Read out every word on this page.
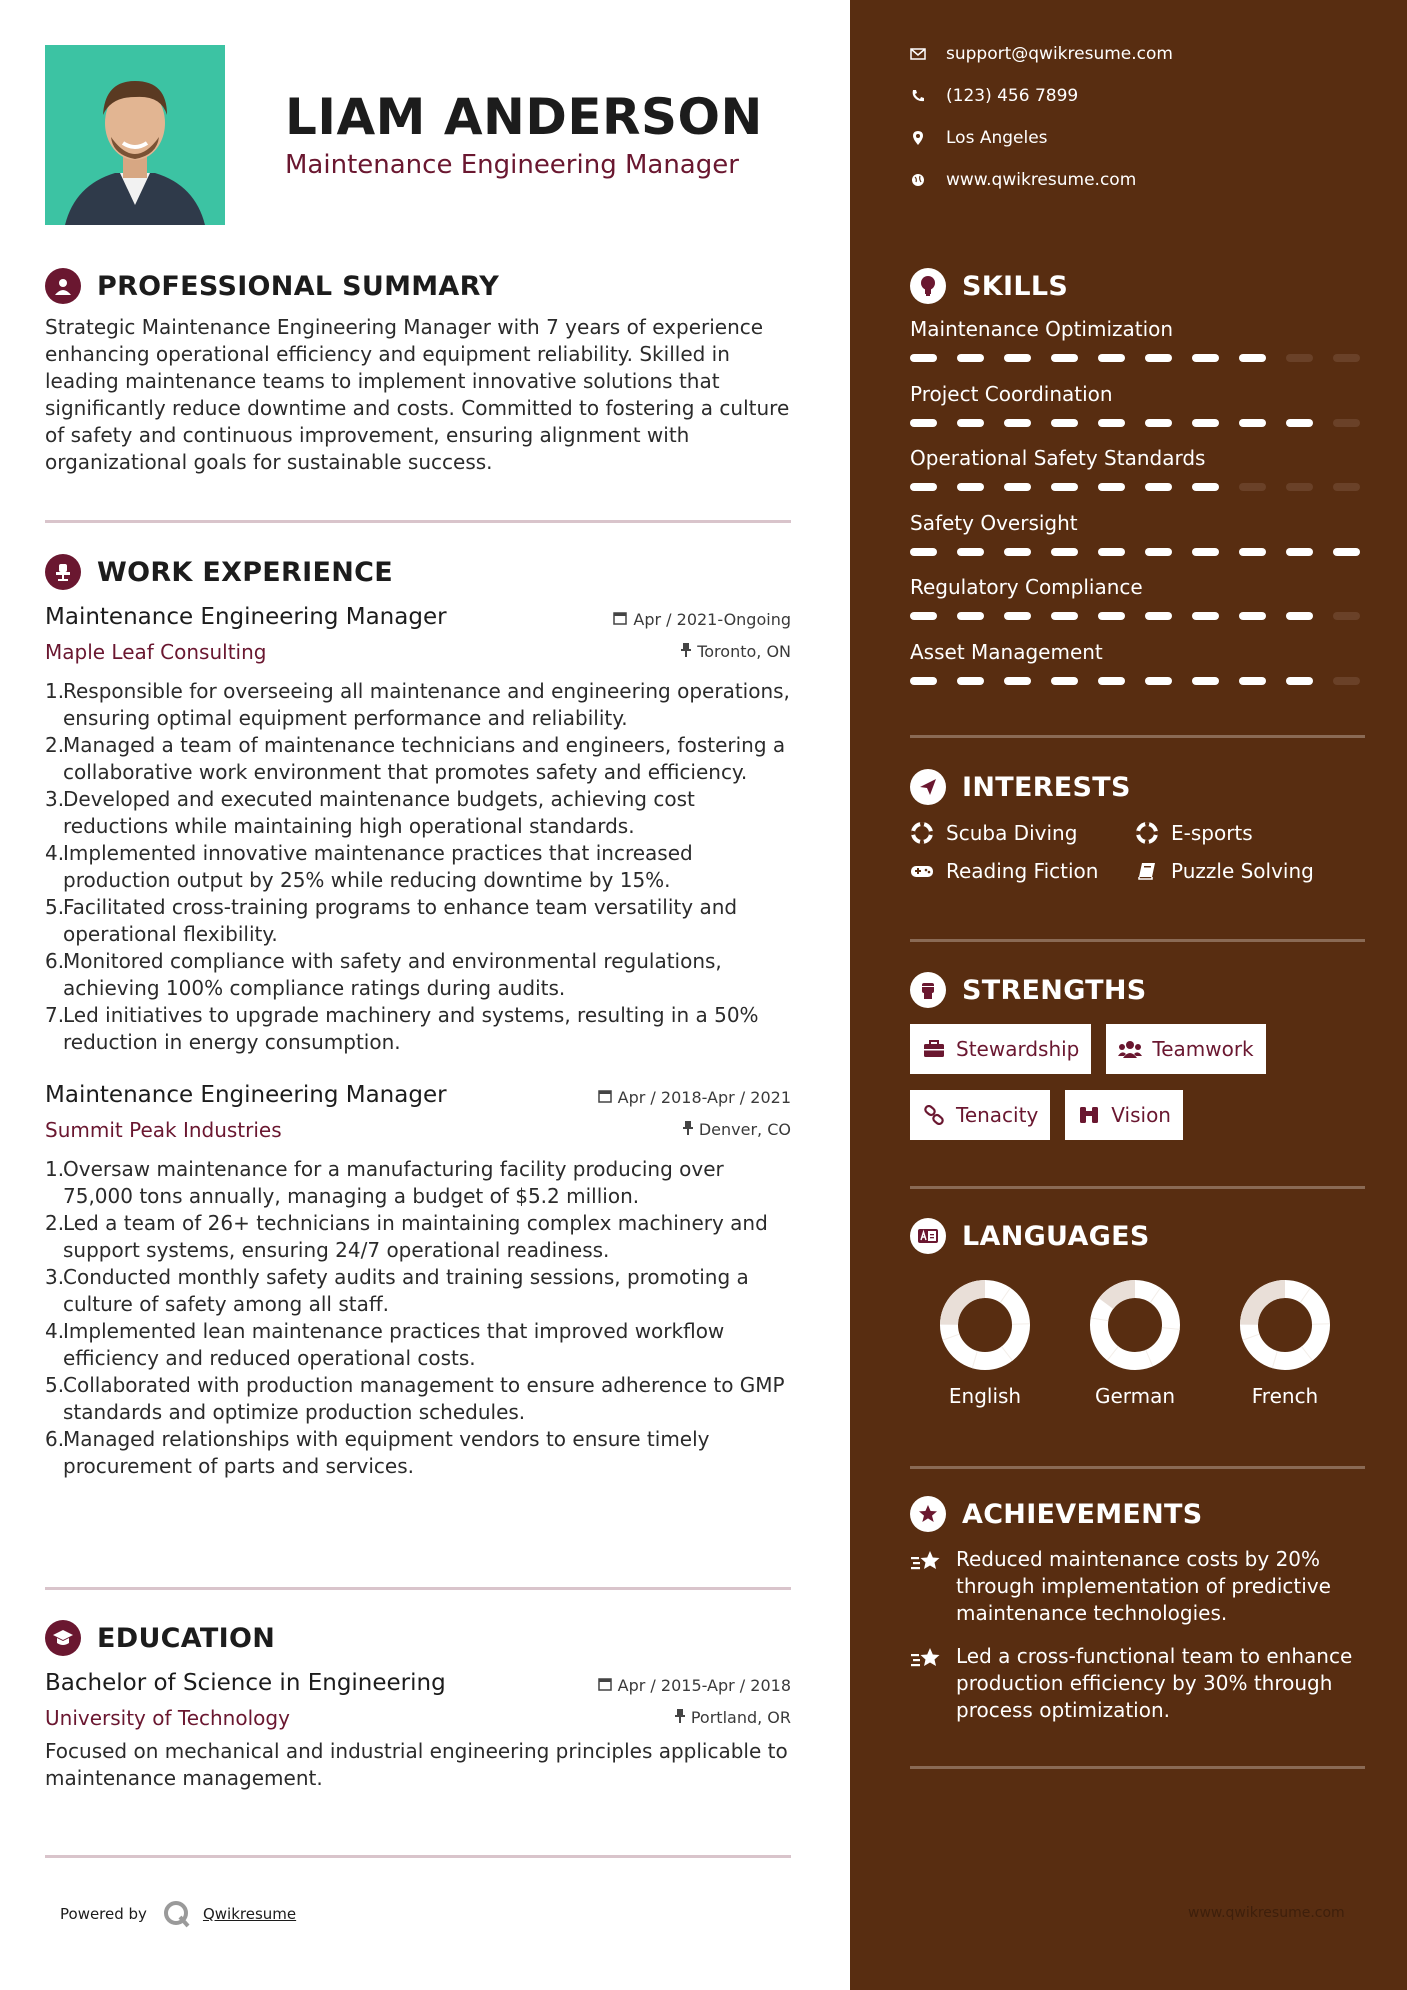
LIAM ANDERSON
Maintenance Engineering Manager
PROFESSIONAL SUMMARY
Strategic Maintenance Engineering Manager with 7 years of experience enhancing operational efficiency and equipment reliability. Skilled in leading maintenance teams to implement innovative solutions that significantly reduce downtime and costs. Committed to fostering a culture of safety and continuous improvement, ensuring alignment with organizational goals for sustainable success.
WORK EXPERIENCE
Maintenance Engineering Manager	Apr / 2021-Ongoing
Maple Leaf Consulting	Toronto, ON
1.
Responsible for overseeing all maintenance and engineering operations, ensuring optimal equipment performance and reliability.
2.
Managed a team of maintenance technicians and engineers, fostering a collaborative work environment that promotes safety and efficiency.
3.
Developed and executed maintenance budgets, achieving cost reductions while maintaining high operational standards.
4.
Implemented innovative maintenance practices that increased production output by 25% while reducing downtime by 15%.
5.
Facilitated cross-training programs to enhance team versatility and operational flexibility.
6.
Monitored compliance with safety and environmental regulations, achieving 100% compliance ratings during audits.
7.
Led initiatives to upgrade machinery and systems, resulting in a 50% reduction in energy consumption.
Maintenance Engineering Manager	Apr / 2018-Apr / 2021
Summit Peak Industries	Denver, CO
1.
Oversaw maintenance for a manufacturing facility producing over 75,000 tons annually, managing a budget of $5.2 million.
2.
Led a team of 26+ technicians in maintaining complex machinery and support systems, ensuring 24/7 operational readiness.
3.
Conducted monthly safety audits and training sessions, promoting a culture of safety among all staff.
4.
Implemented lean maintenance practices that improved workflow efficiency and reduced operational costs.
5.
Collaborated with production management to ensure adherence to GMP standards and optimize production schedules.
6.
Managed relationships with equipment vendors to ensure timely procurement of parts and services.
EDUCATION
Bachelor of Science in Engineering	Apr / 2015-Apr / 2018
University of Technology	Portland, OR
Focused on mechanical and industrial engineering principles applicable to maintenance management.
Powered by	Qwikresume
support@qwikresume.com
(123) 456 7899
Los Angeles
www.qwikresume.com
SKILLS
Maintenance Optimization
Project Coordination
Operational Safety Standards
Safety Oversight
Regulatory Compliance
Asset Management
INTERESTS
Scuba Diving	E-sports
Reading Fiction	Puzzle Solving
STRENGTHS
Stewardship	Teamwork
Tenacity	Vision
LANGUAGES
English	German	French
ACHIEVEMENTS
Reduced maintenance costs by 20% through implementation of predictive maintenance technologies.
Led a cross-functional team to enhance production efficiency by 30% through process optimization.
www.qwikresume.com
